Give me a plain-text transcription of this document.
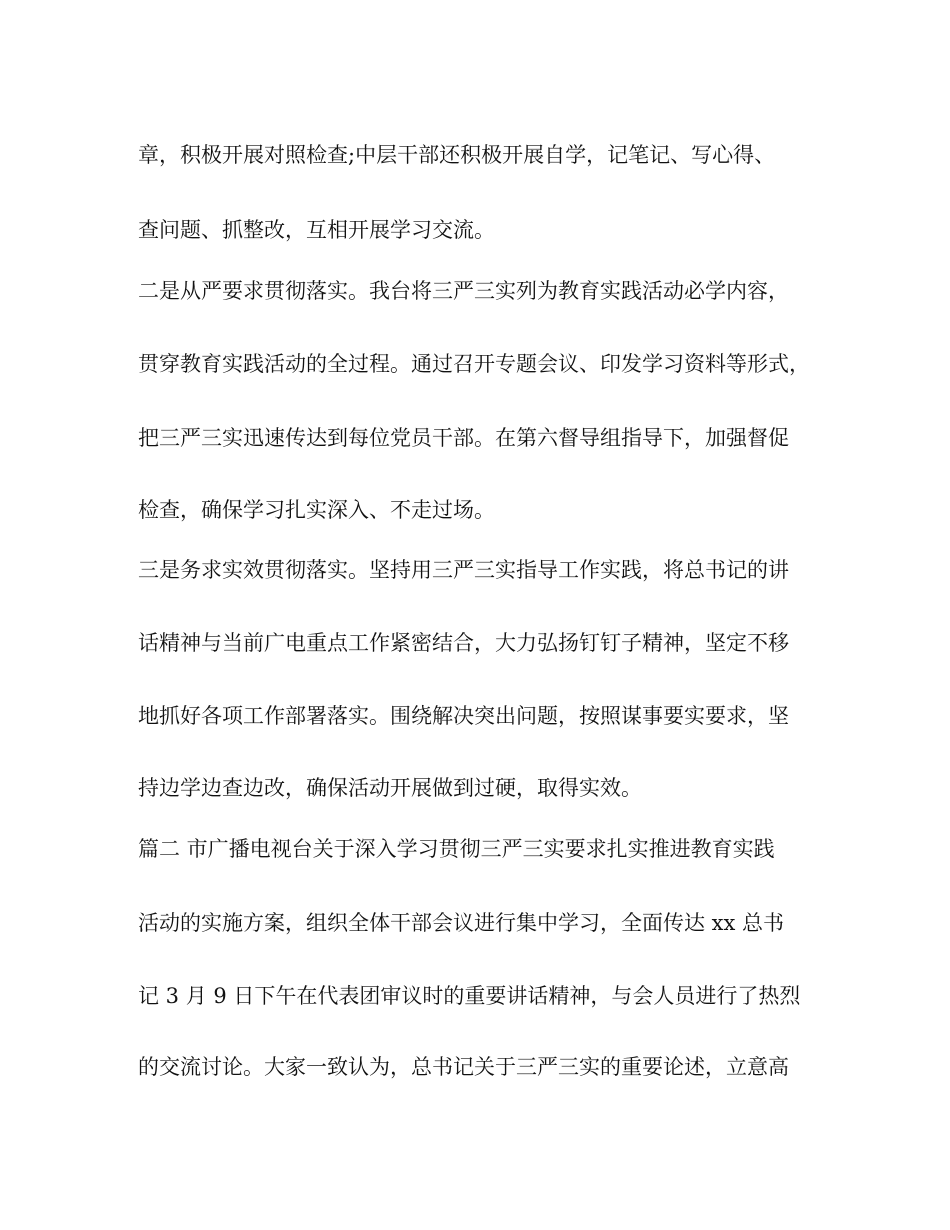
章，积极开展对照检查;中层干部还积极开展自学，记笔记、写心得、
查问题、抓整改，互相开展学习交流。
二是从严要求贯彻落实。我台将三严三实列为教育实践活动必学内容，
贯穿教育实践活动的全过程。通过召开专题会议、印发学习资料等形式，
把三严三实迅速传达到每位党员干部。在第六督导组指导下，加强督促
检查，确保学习扎实深入、不走过场。
三是务求实效贯彻落实。坚持用三严三实指导工作实践，将总书记的讲
话精神与当前广电重点工作紧密结合，大力弘扬钉钉子精神，坚定不移
地抓好各项工作部署落实。围绕解决突出问题，按照谋事要实要求，坚
持边学边查边改，确保活动开展做到过硬，取得实效。
篇二 市广播电视台关于深入学习贯彻三严三实要求扎实推进教育实践
活动的实施方案，组织全体干部会议进行集中学习，全面传达 xx 总书
记 3 月 9 日下午在代表团审议时的重要讲话精神，与会人员进行了热烈
的交流讨论。大家一致认为，总书记关于三严三实的重要论述，立意高
